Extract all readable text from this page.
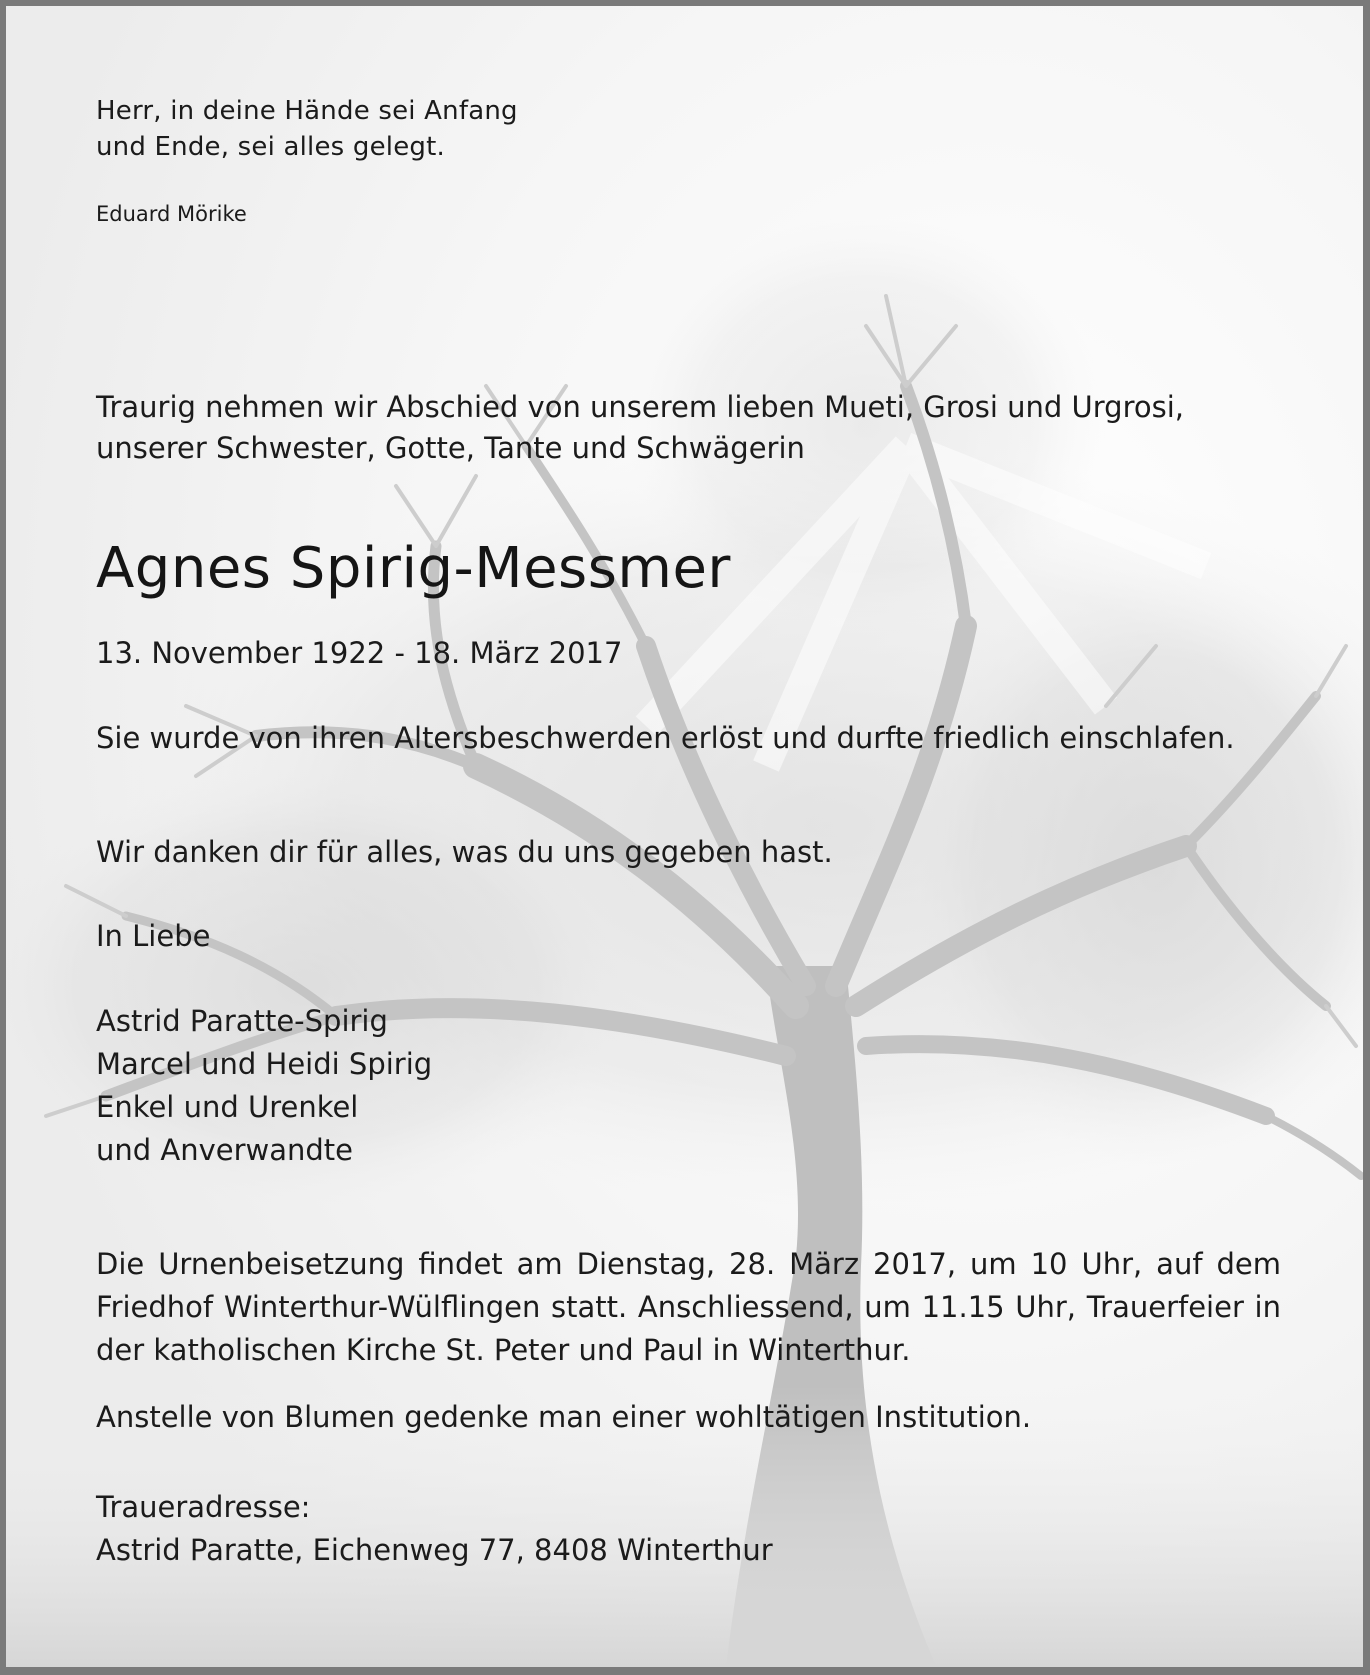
Herr, in deine Hände sei Anfang

und Ende, sei alles gelegt.

Eduard Mörike

Traurig nehmen wir Abschied von unserem lieben Mueti, Grosi und Urgrosi,

unserer Schwester, Gotte, Tante und Schwägerin

Agnes Spirig-Messmer

13. November 1922 - 18. März 2017

Sie wurde von ihren Altersbeschwerden erlöst und durfte friedlich einschlafen.

Wir danken dir für alles, was du uns gegeben hast.

In Liebe

Astrid Paratte-Spirig

Marcel und Heidi Spirig

Enkel und Urenkel

und Anverwandte

Die Urnenbeisetzung findet am Dienstag, 28. März 2017, um 10 Uhr, auf dem

Friedhof Winterthur-Wülflingen statt. Anschliessend, um 11.15 Uhr, Trauerfeier in

der katholischen Kirche St. Peter und Paul in Winterthur.

Anstelle von Blumen gedenke man einer wohltätigen Institution.

Traueradresse:

Astrid Paratte, Eichenweg 77, 8408 Winterthur
